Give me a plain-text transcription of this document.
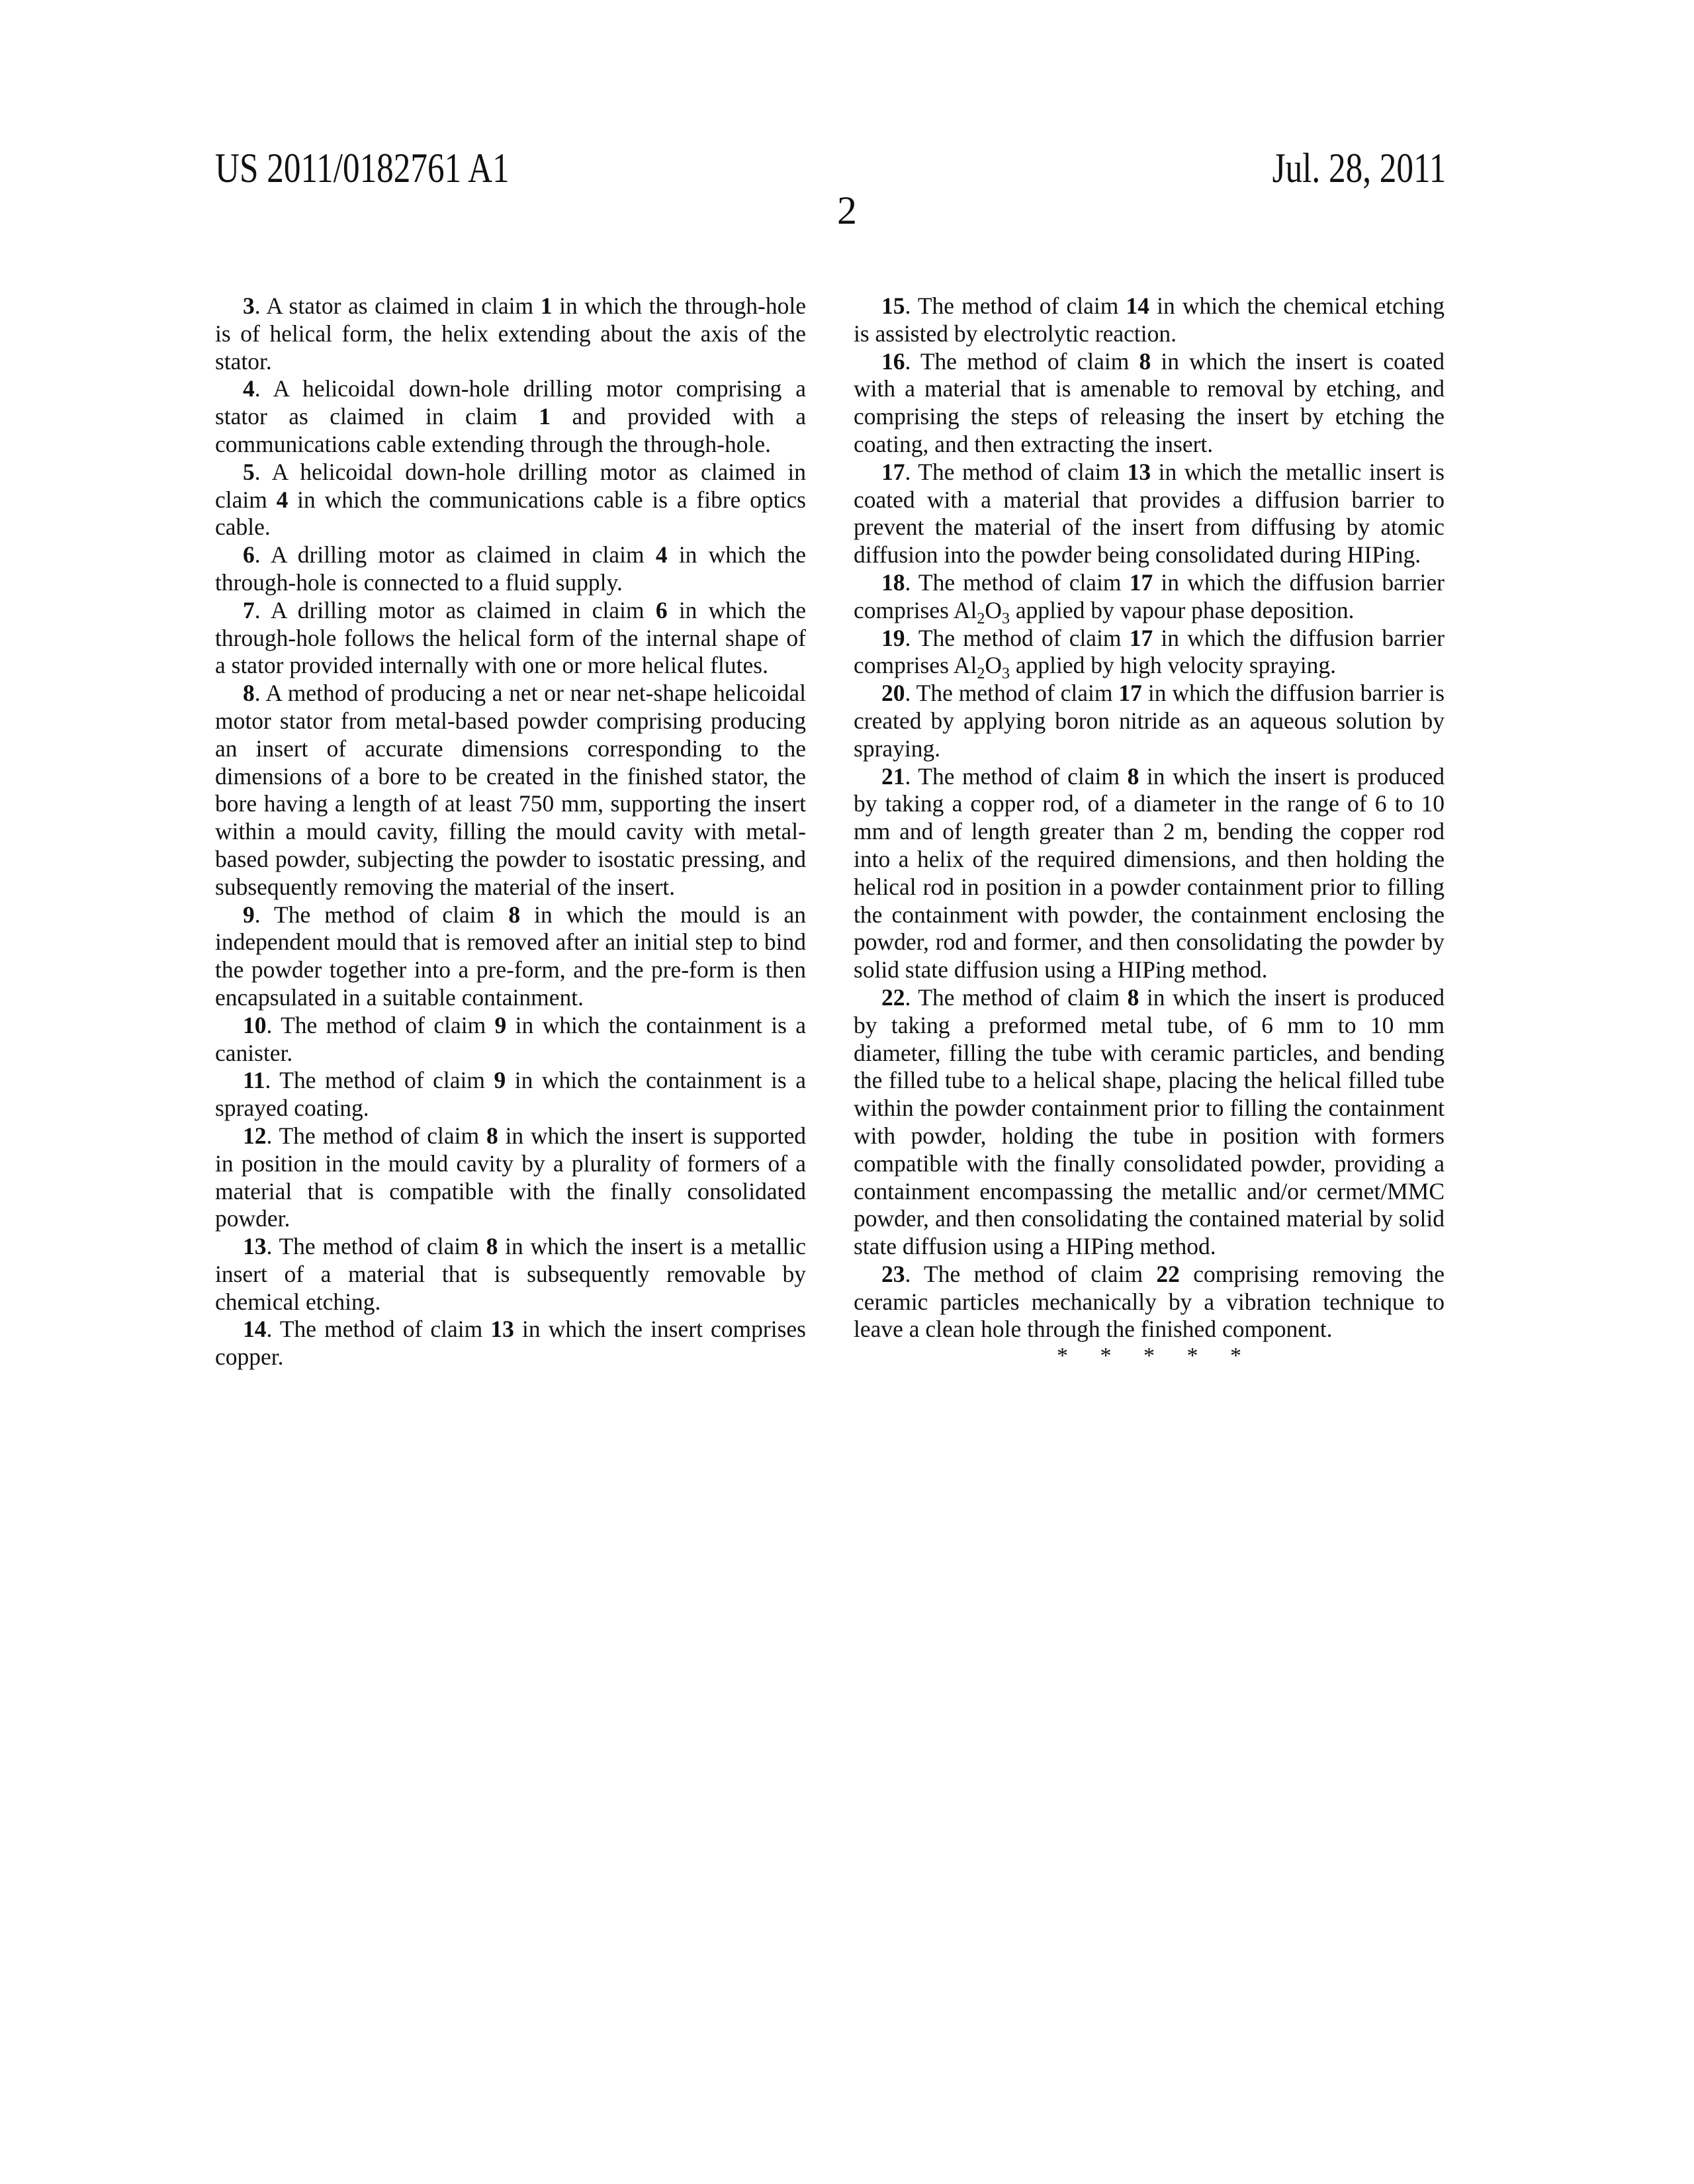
US 2011/0182761 A1	Jul. 28, 2011
2

3. A stator as claimed in claim 1 in which the through-hole is of helical form, the helix extending about the axis of the stator.

4. A helicoidal down-hole drilling motor comprising a stator as claimed in claim 1 and provided with a communications cable extending through the through-hole.

5. A helicoidal down-hole drilling motor as claimed in claim 4 in which the communications cable is a fibre optics cable.

6. A drilling motor as claimed in claim 4 in which the through-hole is connected to a fluid supply.

7. A drilling motor as claimed in claim 6 in which the through-hole follows the helical form of the internal shape of a stator provided internally with one or more helical flutes.

8. A method of producing a net or near net-shape helicoidal motor stator from metal-based powder comprising producing an insert of accurate dimensions corresponding to the dimensions of a bore to be created in the finished stator, the bore having a length of at least 750 mm, supporting the insert within a mould cavity, filling the mould cavity with metal-based powder, subjecting the powder to isostatic pressing, and subsequently removing the material of the insert.

9. The method of claim 8 in which the mould is an independent mould that is removed after an initial step to bind the powder together into a pre-form, and the pre-form is then encapsulated in a suitable containment.

10. The method of claim 9 in which the containment is a canister.

11. The method of claim 9 in which the containment is a sprayed coating.

12. The method of claim 8 in which the insert is supported in position in the mould cavity by a plurality of formers of a material that is compatible with the finally consolidated powder.

13. The method of claim 8 in which the insert is a metallic insert of a material that is subsequently removable by chemical etching.

14. The method of claim 13 in which the insert comprises copper.

15. The method of claim 14 in which the chemical etching is assisted by electrolytic reaction.

16. The method of claim 8 in which the insert is coated with a material that is amenable to removal by etching, and comprising the steps of releasing the insert by etching the coating, and then extracting the insert.

17. The method of claim 13 in which the metallic insert is coated with a material that provides a diffusion barrier to prevent the material of the insert from diffusing by atomic diffusion into the powder being consolidated during HIPing.

18. The method of claim 17 in which the diffusion barrier comprises Al2O3 applied by vapour phase deposition.

19. The method of claim 17 in which the diffusion barrier comprises Al2O3 applied by high velocity spraying.

20. The method of claim 17 in which the diffusion barrier is created by applying boron nitride as an aqueous solution by spraying.

21. The method of claim 8 in which the insert is produced by taking a copper rod, of a diameter in the range of 6 to 10 mm and of length greater than 2 m, bending the copper rod into a helix of the required dimensions, and then holding the helical rod in position in a powder containment prior to filling the containment with powder, the containment enclosing the powder, rod and former, and then consolidating the powder by solid state diffusion using a HIPing method.

22. The method of claim 8 in which the insert is produced by taking a preformed metal tube, of 6 mm to 10 mm diameter, filling the tube with ceramic particles, and bending the filled tube to a helical shape, placing the helical filled tube within the powder containment prior to filling the containment with powder, holding the tube in position with formers compatible with the finally consolidated powder, providing a containment encompassing the metallic and/or cermet/MMC powder, and then consolidating the contained material by solid state diffusion using a HIPing method.

23. The method of claim 22 comprising removing the ceramic particles mechanically by a vibration technique to leave a clean hole through the finished component.

* * * * *
